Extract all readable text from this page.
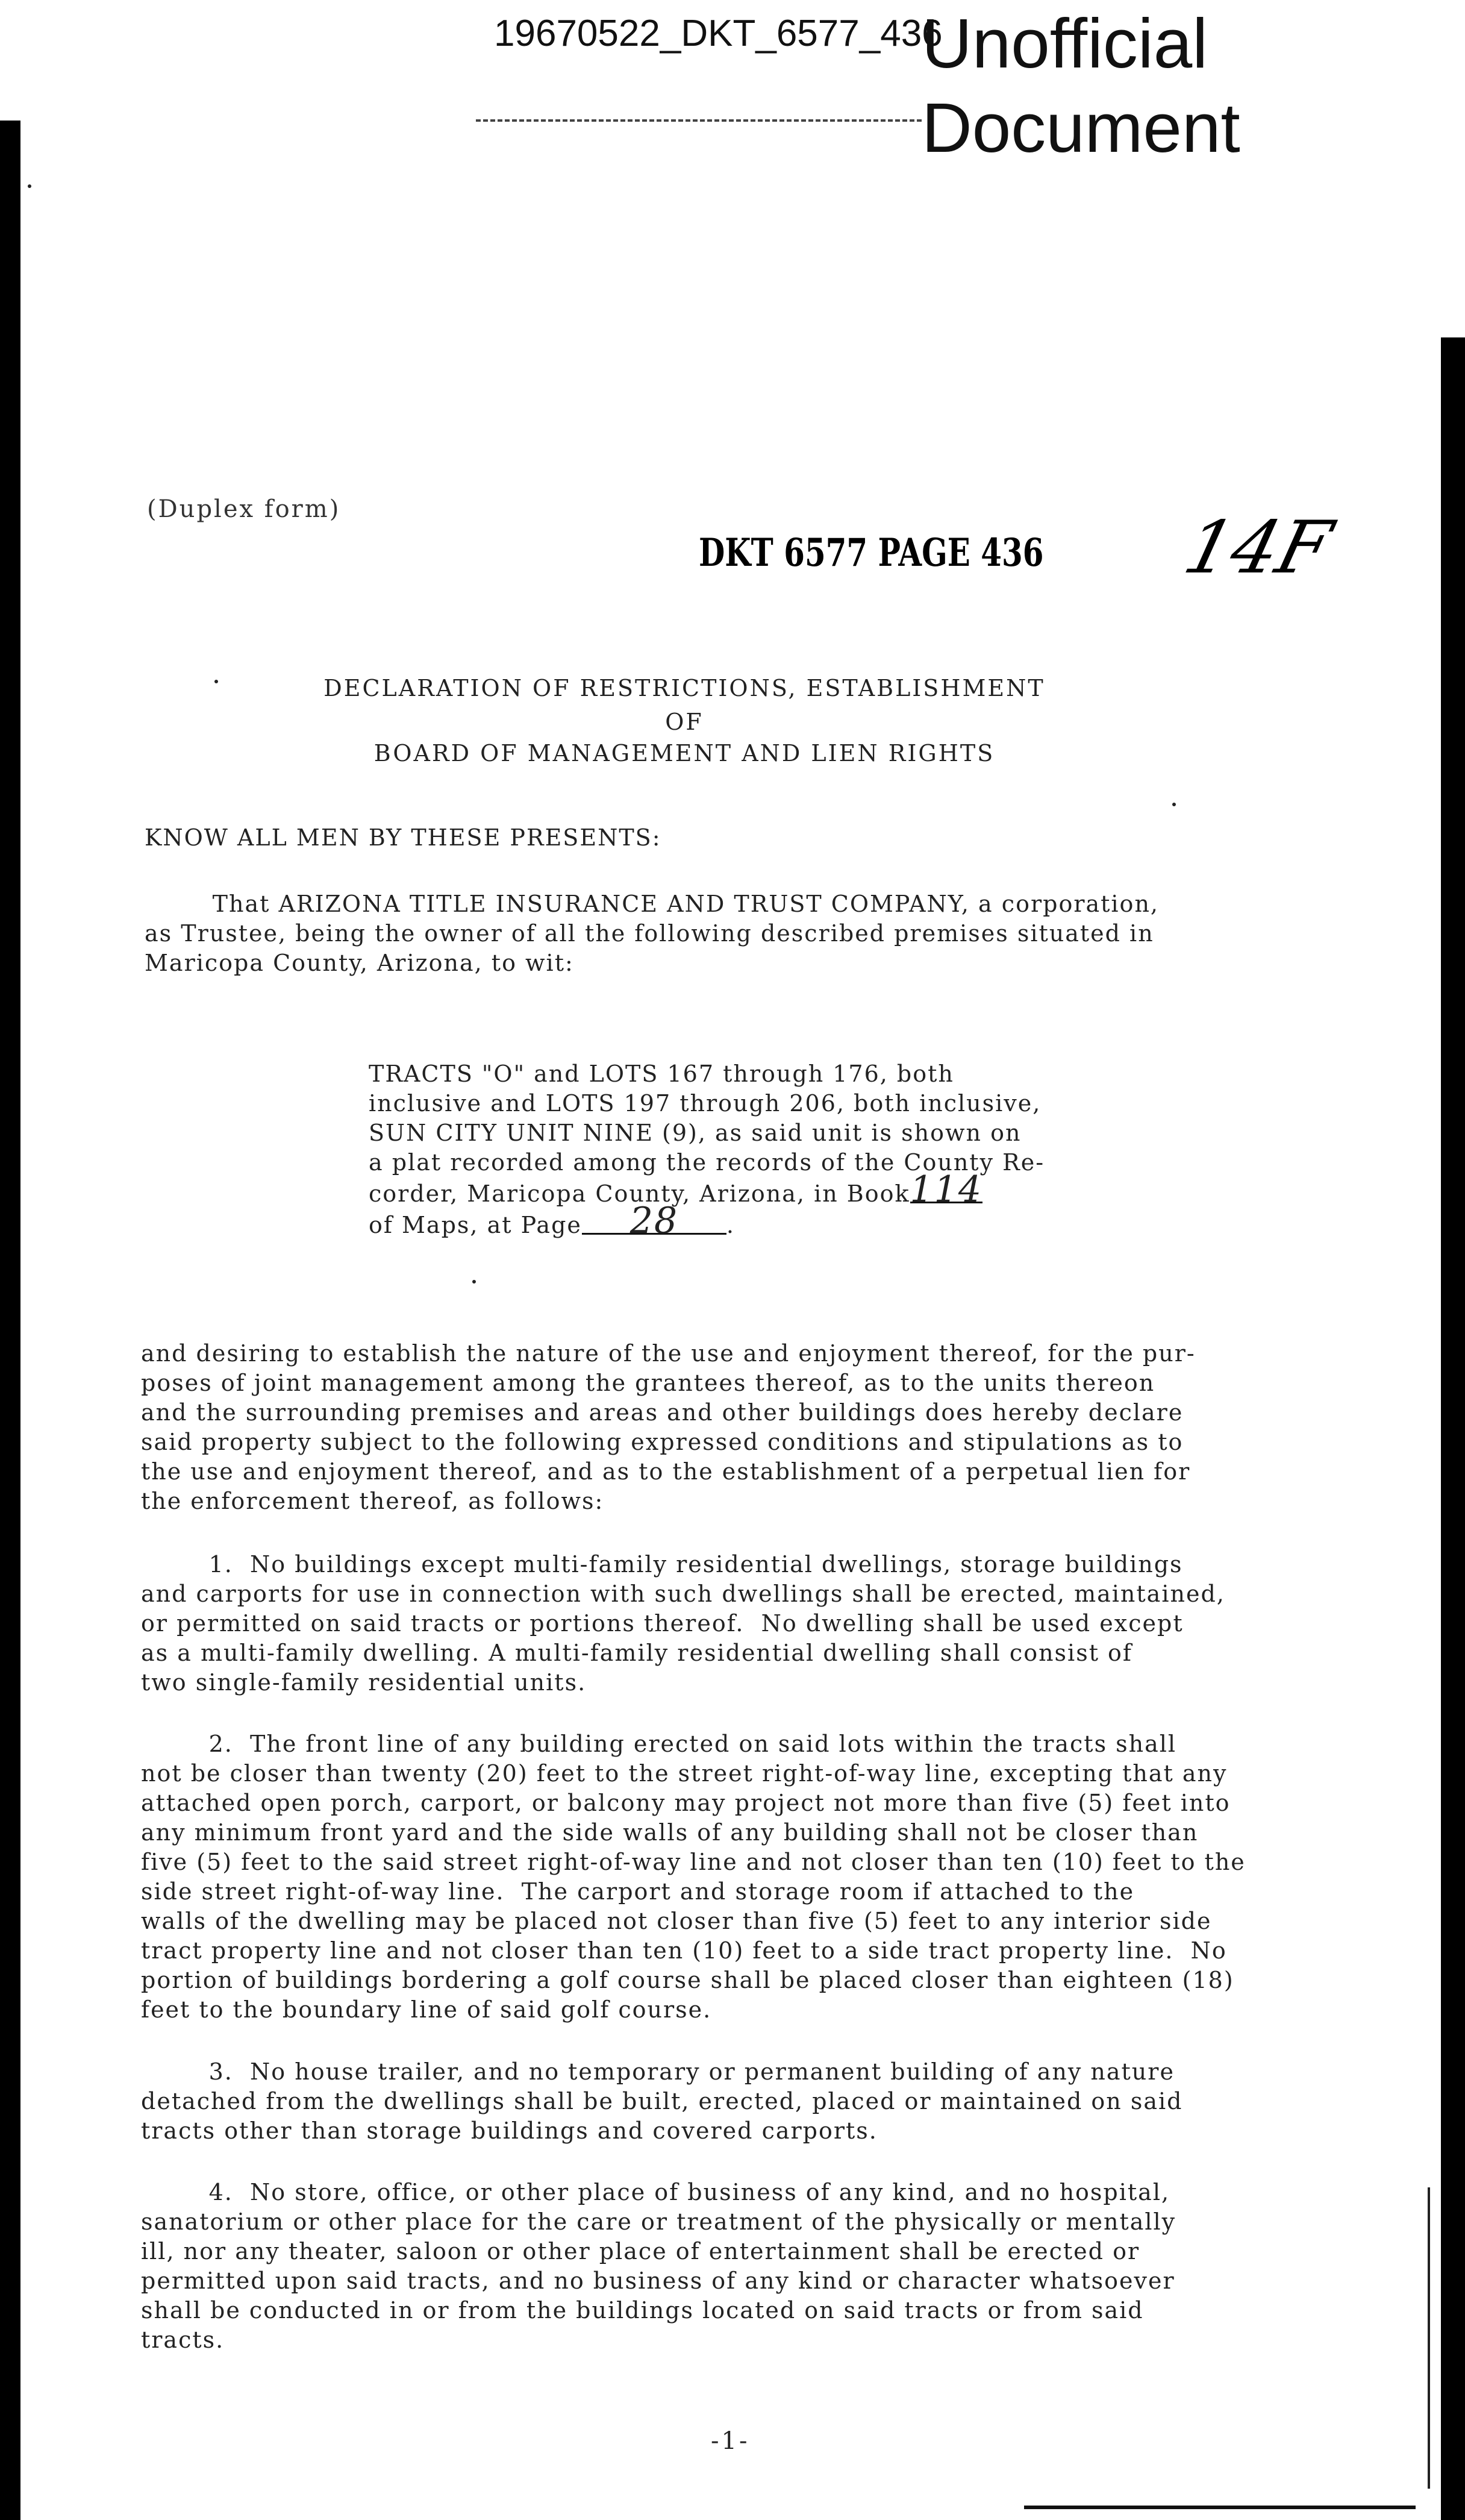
19670522_DKT_6577_436
Unofficial
Document
(Duplex form)
DKT 6577 PAGE 436 14F
DECLARATION OF RESTRICTIONS, ESTABLISHMENT
OF
BOARD OF MANAGEMENT AND LIEN RIGHTS
KNOW ALL MEN BY THESE PRESENTS:
That ARIZONA TITLE INSURANCE AND TRUST COMPANY, a corporation,
as Trustee, being the owner of all the following described premises situated in
Maricopa County, Arizona, to wit:
TRACTS "O" and LOTS 167 through 176, both
inclusive and LOTS 197 through 206, both inclusive,
SUN CITY UNIT NINE (9), as said unit is shown on
a plat recorded among the records of the County Re-
corder, Maricopa County, Arizona, in Book114
of Maps, at Page 28 .
and desiring to establish the nature of the use and enjoyment thereof, for the pur-
poses of joint management among the grantees thereof, as to the units thereon
and the surrounding premises and areas and other buildings does hereby declare
said property subject to the following expressed conditions and stipulations as to
the use and enjoyment thereof, and as to the establishment of a perpetual lien for
the enforcement thereof, as follows:
1.  No buildings except multi-family residential dwellings, storage buildings
and carports for use in connection with such dwellings shall be erected, maintained,
or permitted on said tracts or portions thereof.  No dwelling shall be used except
as a multi-family dwelling. A multi-family residential dwelling shall consist of
two single-family residential units.
2.  The front line of any building erected on said lots within the tracts shall
not be closer than twenty (20) feet to the street right-of-way line, excepting that any
attached open porch, carport, or balcony may project not more than five (5) feet into
any minimum front yard and the side walls of any building shall not be closer than
five (5) feet to the said street right-of-way line and not closer than ten (10) feet to the
side street right-of-way line.  The carport and storage room if attached to the
walls of the dwelling may be placed not closer than five (5) feet to any interior side
tract property line and not closer than ten (10) feet to a side tract property line.  No
portion of buildings bordering a golf course shall be placed closer than eighteen (18)
feet to the boundary line of said golf course.
3.  No house trailer, and no temporary or permanent building of any nature
detached from the dwellings shall be built, erected, placed or maintained on said
tracts other than storage buildings and covered carports.
4.  No store, office, or other place of business of any kind, and no hospital,
sanatorium or other place for the care or treatment of the physically or mentally
ill, nor any theater, saloon or other place of entertainment shall be erected or
permitted upon said tracts, and no business of any kind or character whatsoever
shall be conducted in or from the buildings located on said tracts or from said
tracts.
-1-
